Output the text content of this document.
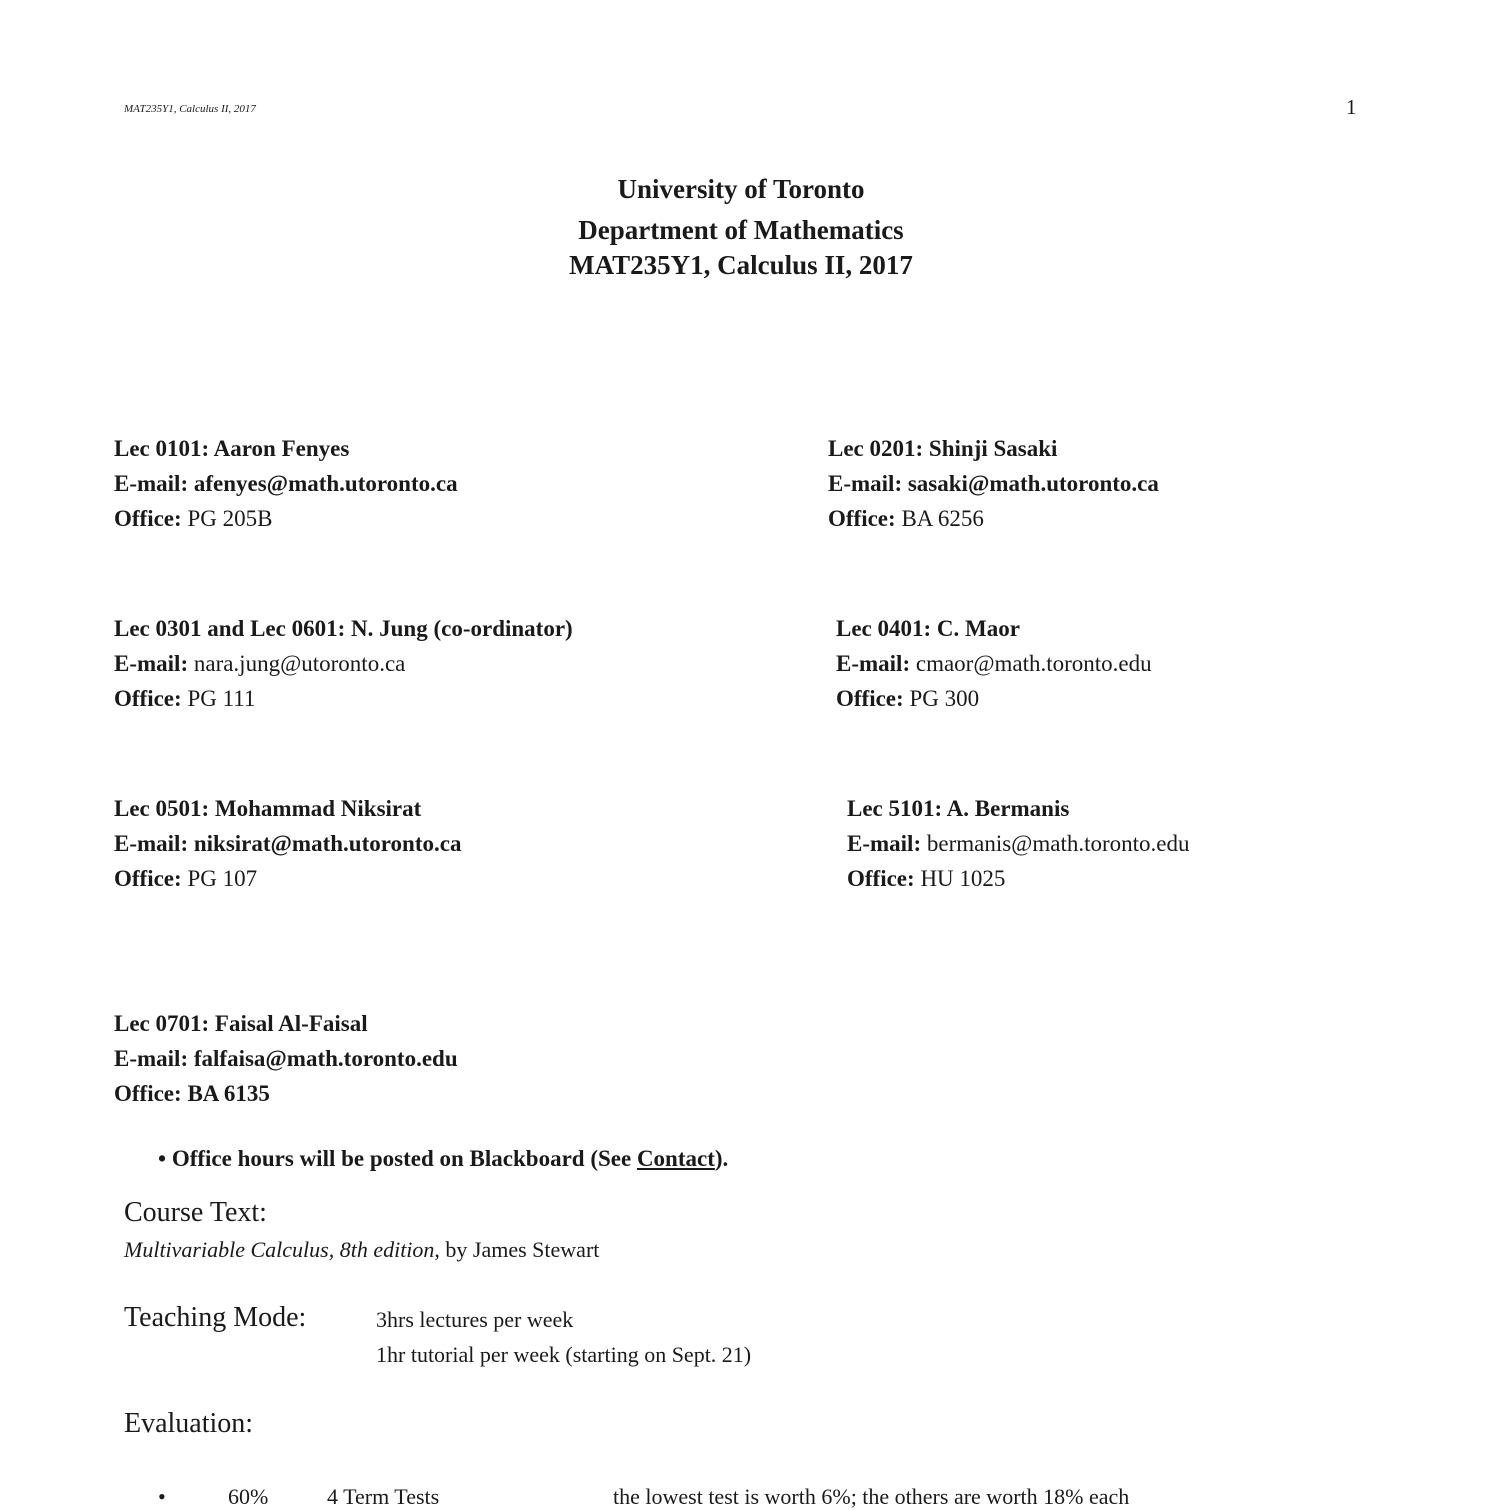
MAT235Y1, Calculus II, 2017	1
University of Toronto
Department of Mathematics
MAT235Y1, Calculus II, 2017
Lec 0101: Aaron Fenyes
E-mail: afenyes@math.utoronto.ca
Office: PG 205B
Lec 0201: Shinji Sasaki
E-mail: sasaki@math.utoronto.ca
Office: BA 6256
Lec 0301 and Lec 0601: N. Jung (co-ordinator)
E-mail: nara.jung@utoronto.ca
Office: PG 111
Lec 0401: C. Maor
E-mail: cmaor@math.toronto.edu
Office: PG 300
Lec 0501: Mohammad Niksirat
E-mail: niksirat@math.utoronto.ca
Office: PG 107
Lec 5101: A. Bermanis
E-mail: bermanis@math.toronto.edu
Office: HU 1025
Lec 0701: Faisal Al-Faisal
E-mail: falfaisa@math.toronto.edu
Office: BA 6135
• Office hours will be posted on Blackboard (See Contact).
Course Text:
Multivariable Calculus, 8th edition, by James Stewart
Teaching Mode:	3hrs lectures per week
1hr tutorial per week (starting on Sept. 21)
Evaluation:
•	60%	4 Term Tests	the lowest test is worth 6%; the others are worth 18% each
